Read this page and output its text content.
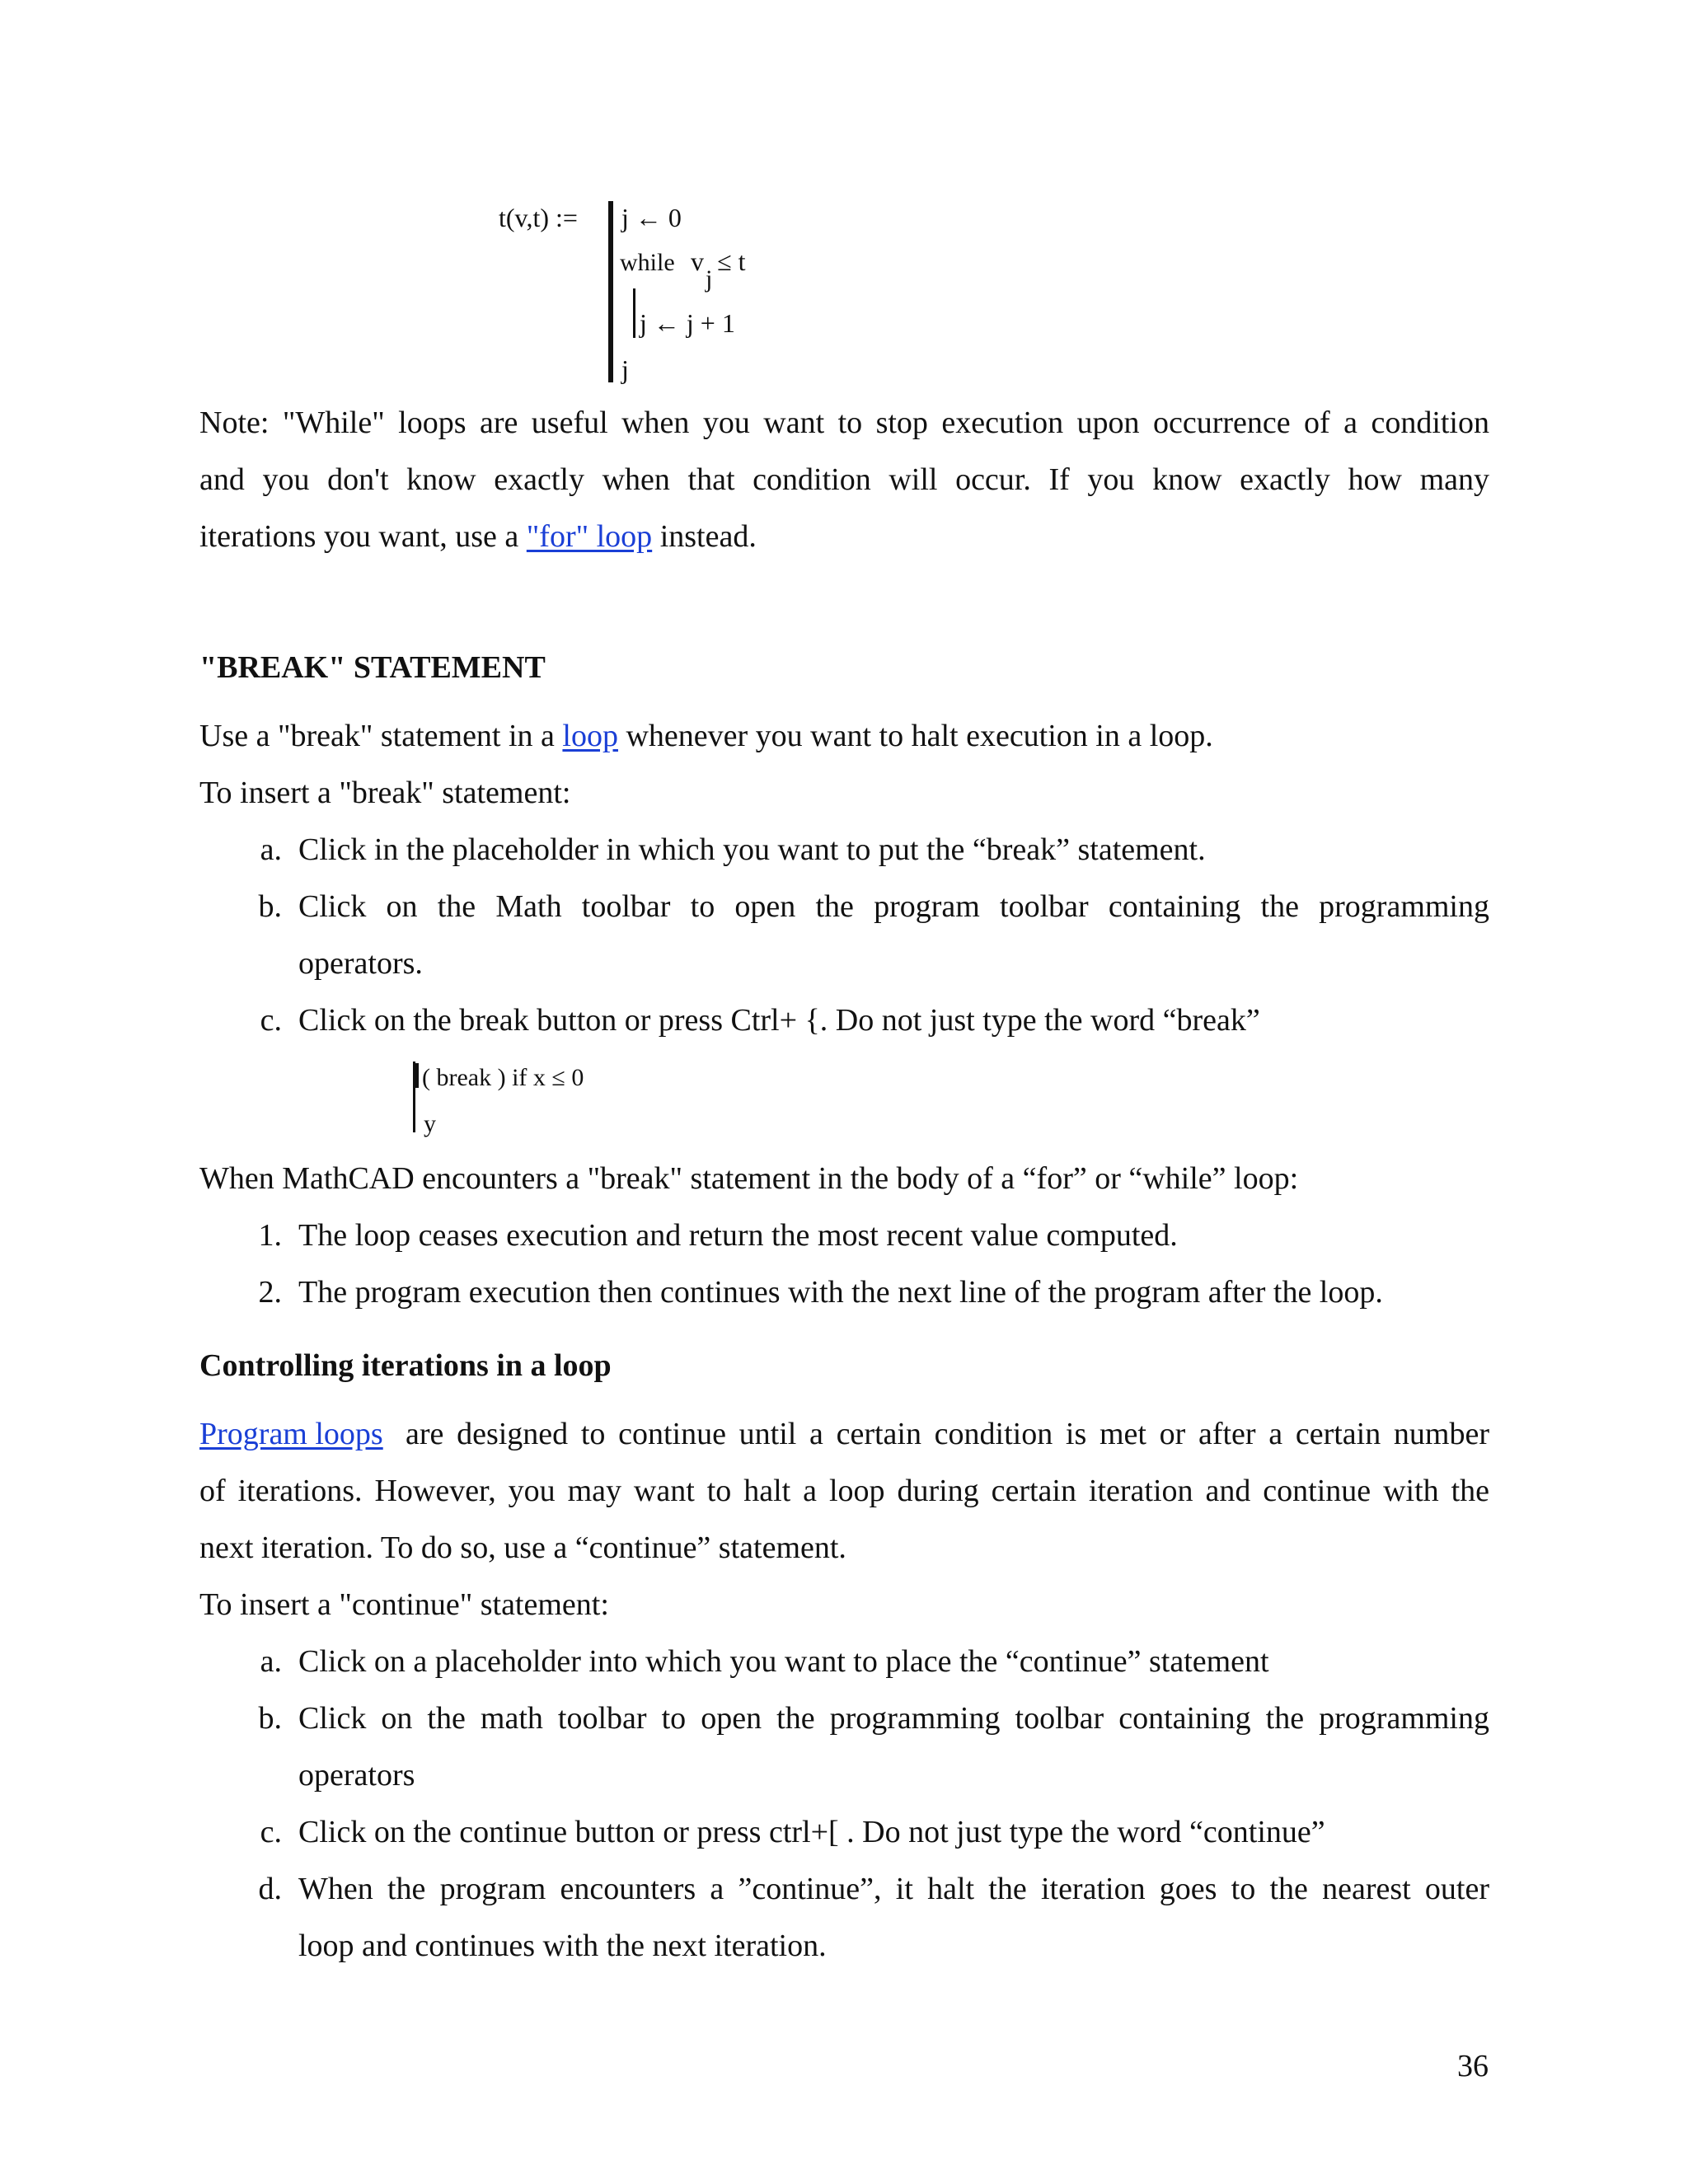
t(v,t) := j ← 0
while v
j
≤ t
j ← j + 1
j
Note: "While" loops are useful when you want to stop execution upon occurrence of a condition
and you don't know exactly when that condition will occur. If you know exactly how many
iterations you want, use a "for" loop instead.
"BREAK" STATEMENT
Use a "break" statement in a loop whenever you want to halt execution in a loop.
To insert a "break" statement:
a. Click in the placeholder in which you want to put the “break” statement.
b. Click on the Math toolbar to open the program toolbar containing the programming
operators.
c. Click on the break button or press Ctrl+ {. Do not just type the word “break”
( break ) if x ≤ 0
y
When MathCAD encounters a "break" statement in the body of a “for” or “while” loop:
1. The loop ceases execution and return the most recent value computed.
2. The program execution then continues with the next line of the program after the loop.
Controlling iterations in a loop
Program loops are designed to continue until a certain condition is met or after a certain number
of iterations. However, you may want to halt a loop during certain iteration and continue with the
next iteration. To do so, use a “continue” statement.
To insert a "continue" statement:
a. Click on a placeholder into which you want to place the “continue” statement
b. Click on the math toolbar to open the programming toolbar containing the programming
operators
c. Click on the continue button or press ctrl+[ . Do not just type the word “continue”
d. When the program encounters a ”continue”, it halt the iteration goes to the nearest outer
loop and continues with the next iteration.
36
